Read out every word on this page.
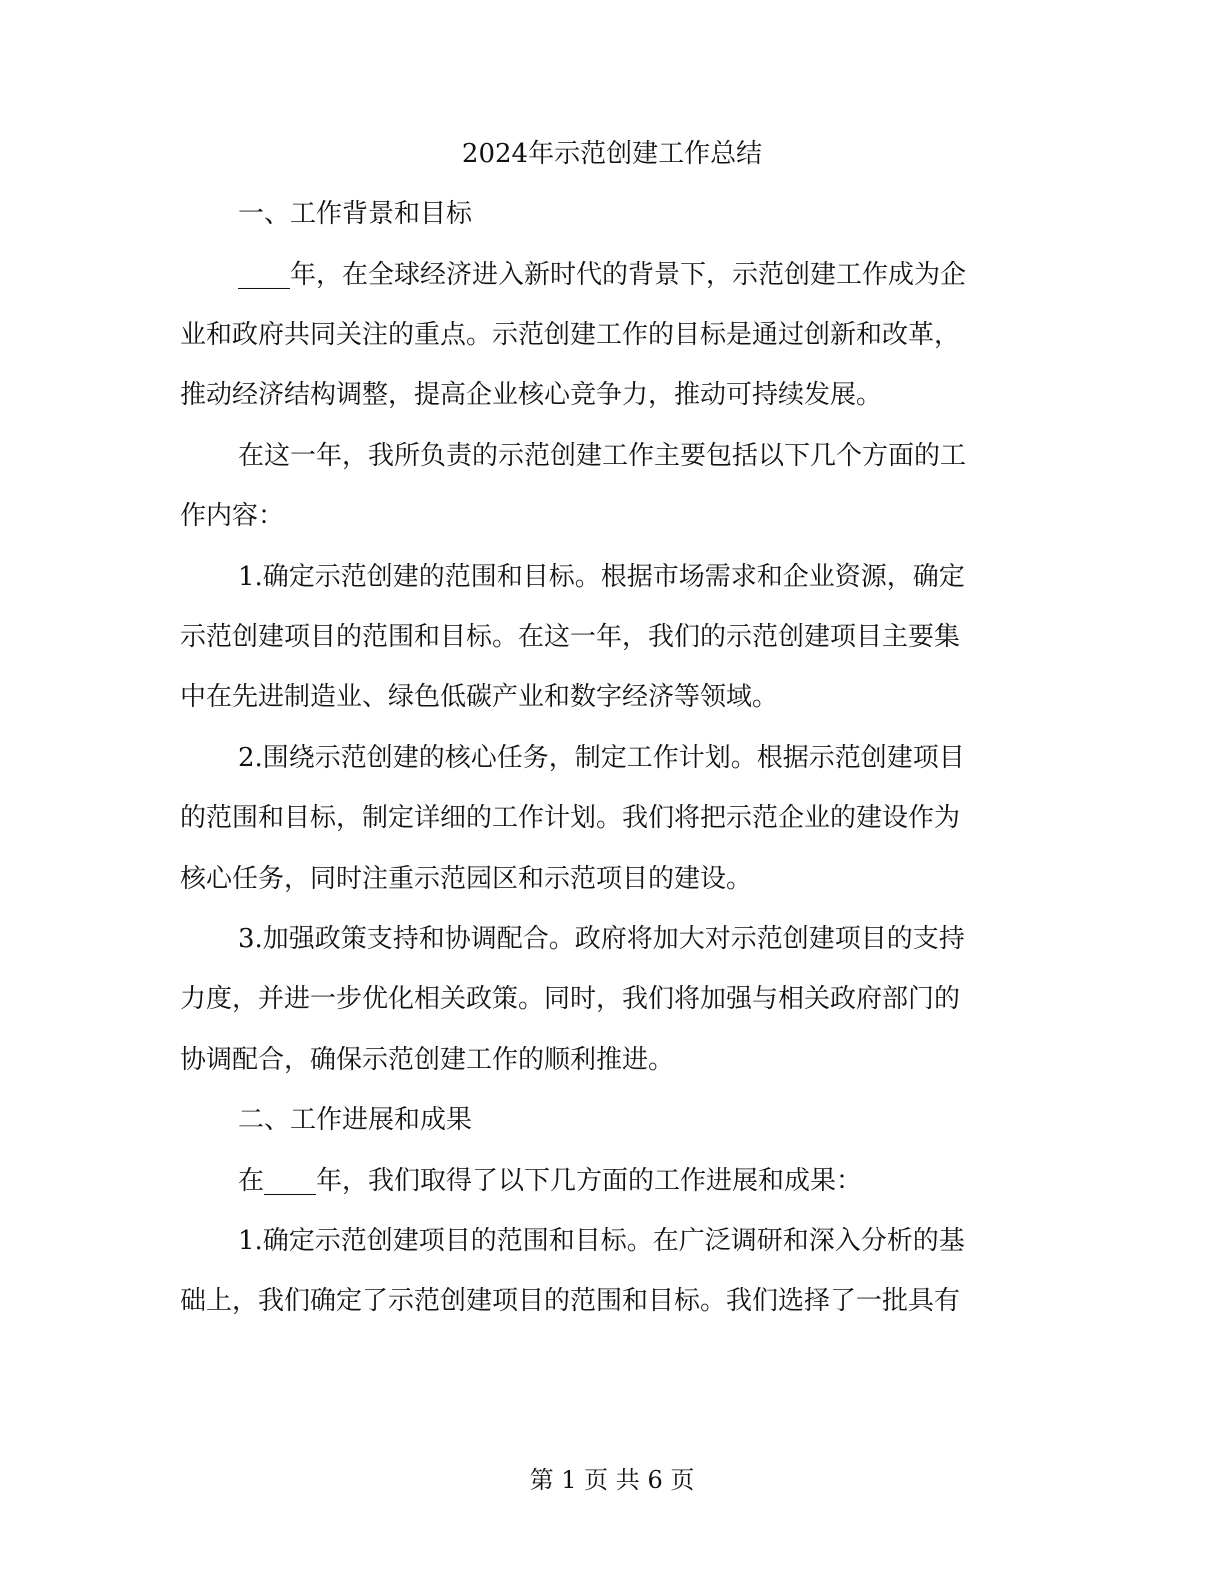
2024年示范创建工作总结
一、工作背景和目标
____年，在全球经济进入新时代的背景下，示范创建工作成为企
业和政府共同关注的重点。示范创建工作的目标是通过创新和改革，
推动经济结构调整，提高企业核心竞争力，推动可持续发展。
在这一年，我所负责的示范创建工作主要包括以下几个方面的工
作内容：
1.确定示范创建的范围和目标。根据市场需求和企业资源，确定
示范创建项目的范围和目标。在这一年，我们的示范创建项目主要集
中在先进制造业、绿色低碳产业和数字经济等领域。
2.围绕示范创建的核心任务，制定工作计划。根据示范创建项目
的范围和目标，制定详细的工作计划。我们将把示范企业的建设作为
核心任务，同时注重示范园区和示范项目的建设。
3.加强政策支持和协调配合。政府将加大对示范创建项目的支持
力度，并进一步优化相关政策。同时，我们将加强与相关政府部门的
协调配合，确保示范创建工作的顺利推进。
二、工作进展和成果
在____年，我们取得了以下几方面的工作进展和成果：
1.确定示范创建项目的范围和目标。在广泛调研和深入分析的基
础上，我们确定了示范创建项目的范围和目标。我们选择了一批具有
第 1 页 共 6 页
